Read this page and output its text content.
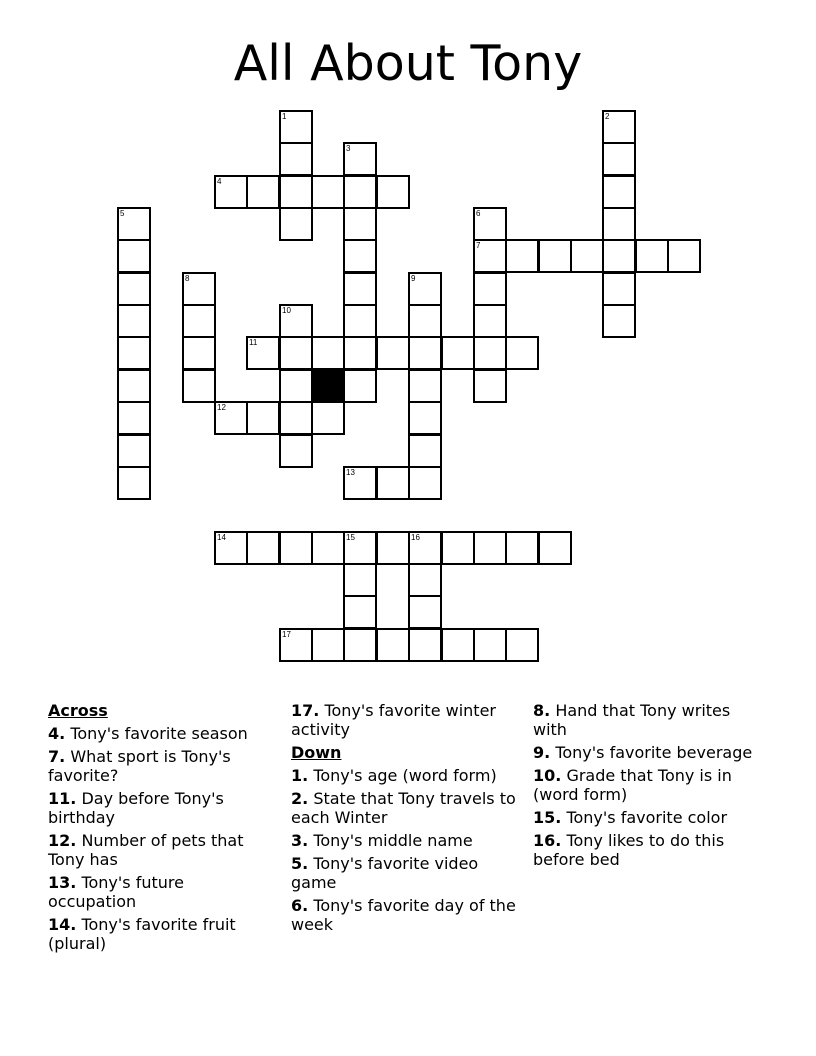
All About Tony
4
7
11
12
13
14	15	16
17
1	2
3
5	6
8	9
10
Across
4. Tony's favorite season
7. What sport is Tony's favorite?
11. Day before Tony's birthday
12. Number of pets that Tony has
13. Tony's future occupation
14. Tony's favorite fruit (plural)
17. Tony's favorite winter activity
Down
1. Tony's age (word form)
2. State that Tony travels to each Winter
3. Tony's middle name
5. Tony's favorite video game
6. Tony's favorite day of the week
8. Hand that Tony writes with
9. Tony's favorite beverage
10. Grade that Tony is in (word form)
15. Tony's favorite color
16. Tony likes to do this before bed
